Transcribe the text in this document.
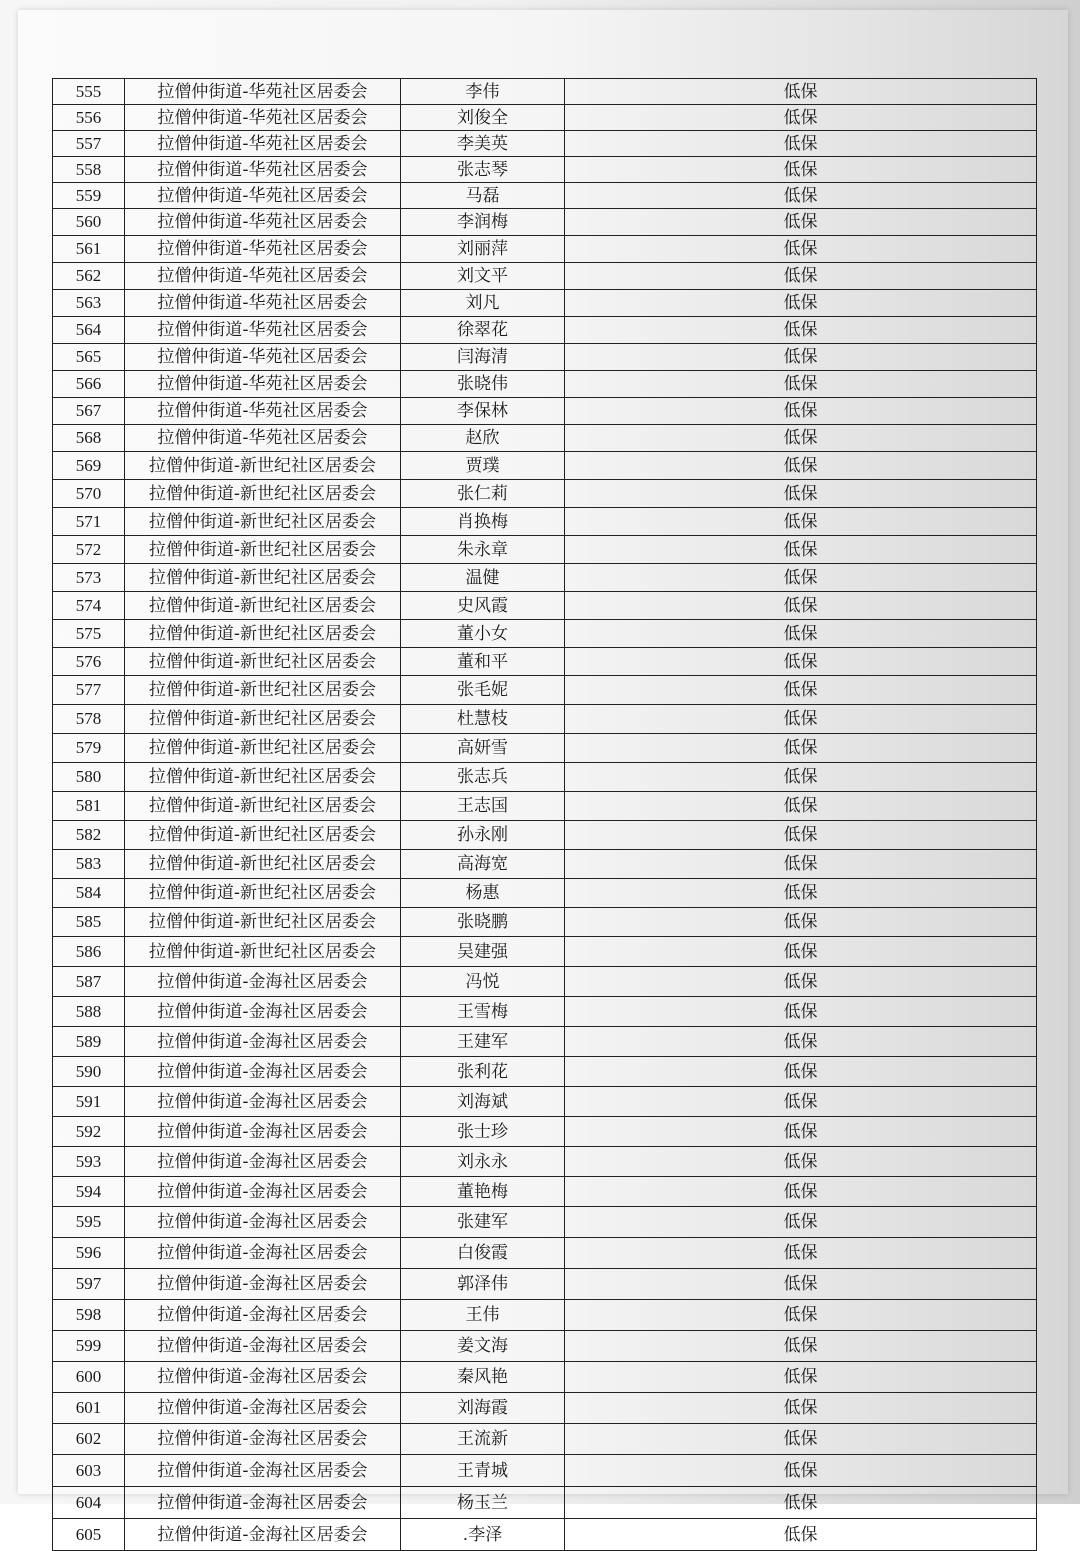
555	拉僧仲街道-华苑社区居委会	李伟	低保
556	拉僧仲街道-华苑社区居委会	刘俊全	低保
557	拉僧仲街道-华苑社区居委会	李美英	低保
558	拉僧仲街道-华苑社区居委会	张志琴	低保
559	拉僧仲街道-华苑社区居委会	马磊	低保
560	拉僧仲街道-华苑社区居委会	李润梅	低保
561	拉僧仲街道-华苑社区居委会	刘丽萍	低保
562	拉僧仲街道-华苑社区居委会	刘文平	低保
563	拉僧仲街道-华苑社区居委会	刘凡	低保
564	拉僧仲街道-华苑社区居委会	徐翠花	低保
565	拉僧仲街道-华苑社区居委会	闫海清	低保
566	拉僧仲街道-华苑社区居委会	张晓伟	低保
567	拉僧仲街道-华苑社区居委会	李保林	低保
568	拉僧仲街道-华苑社区居委会	赵欣	低保
569	拉僧仲街道-新世纪社区居委会	贾璞	低保
570	拉僧仲街道-新世纪社区居委会	张仁莉	低保
571	拉僧仲街道-新世纪社区居委会	肖换梅	低保
572	拉僧仲街道-新世纪社区居委会	朱永章	低保
573	拉僧仲街道-新世纪社区居委会	温健	低保
574	拉僧仲街道-新世纪社区居委会	史风霞	低保
575	拉僧仲街道-新世纪社区居委会	董小女	低保
576	拉僧仲街道-新世纪社区居委会	董和平	低保
577	拉僧仲街道-新世纪社区居委会	张毛妮	低保
578	拉僧仲街道-新世纪社区居委会	杜慧枝	低保
579	拉僧仲街道-新世纪社区居委会	高妍雪	低保
580	拉僧仲街道-新世纪社区居委会	张志兵	低保
581	拉僧仲街道-新世纪社区居委会	王志国	低保
582	拉僧仲街道-新世纪社区居委会	孙永刚	低保
583	拉僧仲街道-新世纪社区居委会	高海宽	低保
584	拉僧仲街道-新世纪社区居委会	杨惠	低保
585	拉僧仲街道-新世纪社区居委会	张晓鹏	低保
586	拉僧仲街道-新世纪社区居委会	吴建强	低保
587	拉僧仲街道-金海社区居委会	冯悦	低保
588	拉僧仲街道-金海社区居委会	王雪梅	低保
589	拉僧仲街道-金海社区居委会	王建军	低保
590	拉僧仲街道-金海社区居委会	张利花	低保
591	拉僧仲街道-金海社区居委会	刘海斌	低保
592	拉僧仲街道-金海社区居委会	张士珍	低保
593	拉僧仲街道-金海社区居委会	刘永永	低保
594	拉僧仲街道-金海社区居委会	董艳梅	低保
595	拉僧仲街道-金海社区居委会	张建军	低保
596	拉僧仲街道-金海社区居委会	白俊霞	低保
597	拉僧仲街道-金海社区居委会	郭泽伟	低保
598	拉僧仲街道-金海社区居委会	王伟	低保
599	拉僧仲街道-金海社区居委会	姜文海	低保
600	拉僧仲街道-金海社区居委会	秦风艳	低保
601	拉僧仲街道-金海社区居委会	刘海霞	低保
602	拉僧仲街道-金海社区居委会	王流新	低保
603	拉僧仲街道-金海社区居委会	王青城	低保
604	拉僧仲街道-金海社区居委会	杨玉兰	低保
605	拉僧仲街道-金海社区居委会	.李泽	低保
